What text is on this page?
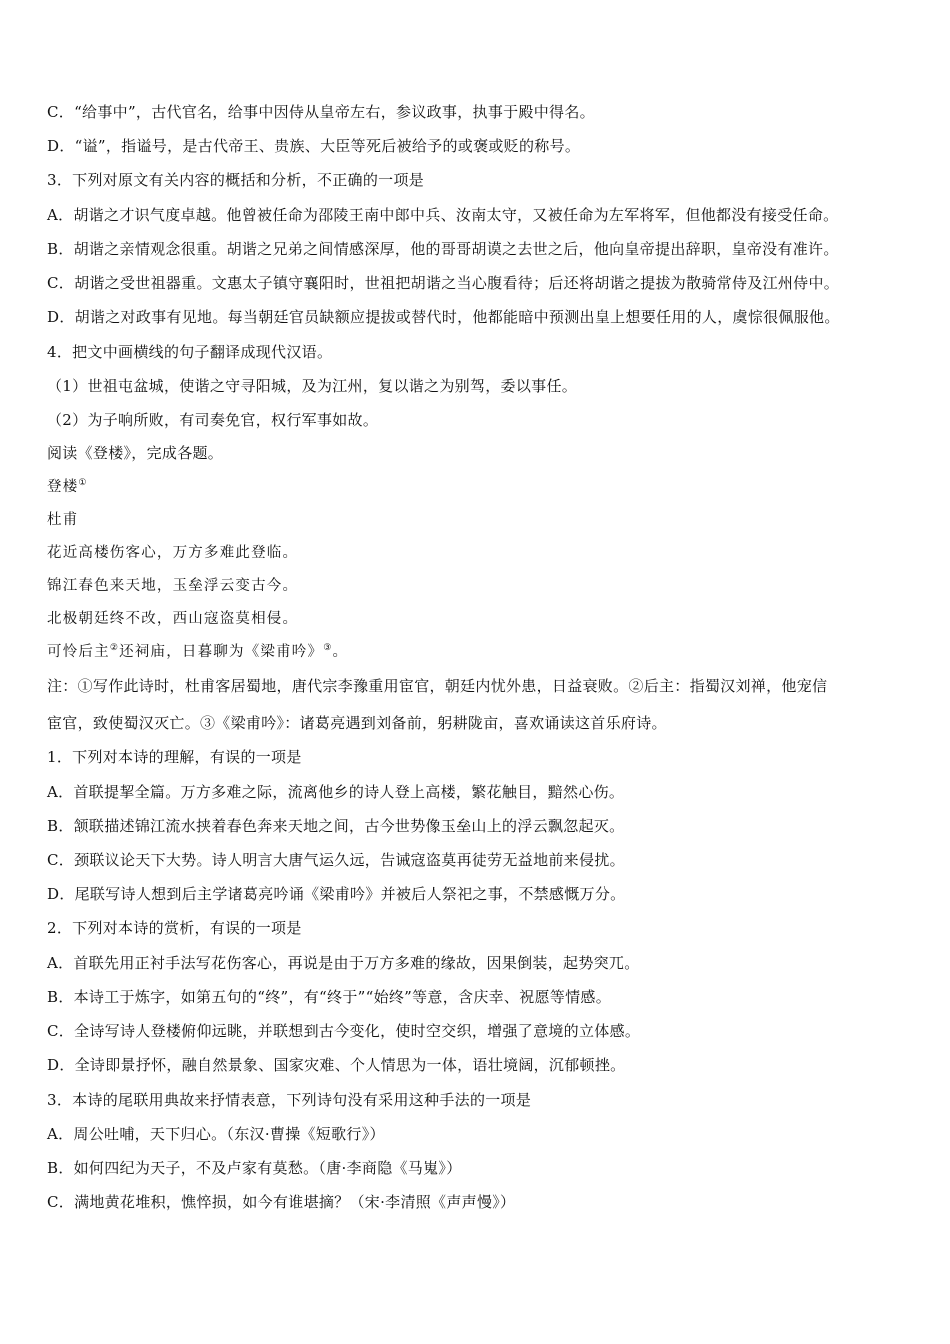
C．“给事中”，古代官名，给事中因侍从皇帝左右，参议政事，执事于殿中得名。
D．“谥”，指谥号，是古代帝王、贵族、大臣等死后被给予的或褒或贬的称号。
3．下列对原文有关内容的概括和分析，不正确的一项是
A．胡谐之才识气度卓越。他曾被任命为邵陵王南中郎中兵、汝南太守，又被任命为左军将军，但他都没有接受任命。
B．胡谐之亲情观念很重。胡谐之兄弟之间情感深厚，他的哥哥胡谟之去世之后，他向皇帝提出辞职，皇帝没有准许。
C．胡谐之受世祖器重。文惠太子镇守襄阳时，世祖把胡谐之当心腹看待；后还将胡谐之提拔为散骑常侍及江州侍中。
D．胡谐之对政事有见地。每当朝廷官员缺额应提拔或替代时，他都能暗中预测出皇上想要任用的人，虞悰很佩服他。
4．把文中画横线的句子翻译成现代汉语。
（1）世祖屯盆城，使谐之守寻阳城，及为江州，复以谐之为别驾，委以事任。
（2）为子响所败，有司奏免官，权行军事如故。
阅读《登楼》，完成各题。
登楼①
杜甫
花近高楼伤客心，万方多难此登临。
锦江春色来天地，玉垒浮云变古今。
北极朝廷终不改，西山寇盗莫相侵。
可怜后主②还祠庙，日暮聊为《梁甫吟》③。
注：①写作此诗时，杜甫客居蜀地，唐代宗李豫重用宦官，朝廷内忧外患，日益衰败。②后主：指蜀汉刘禅，他宠信
宦官，致使蜀汉灭亡。③《梁甫吟》：诸葛亮遇到刘备前，躬耕陇亩，喜欢诵读这首乐府诗。
1．下列对本诗的理解，有误的一项是
A．首联提挈全篇。万方多难之际，流离他乡的诗人登上高楼，繁花触目，黯然心伤。
B．颔联描述锦江流水挟着春色奔来天地之间，古今世势像玉垒山上的浮云飘忽起灭。
C．颈联议论天下大势。诗人明言大唐气运久远，告诫寇盗莫再徒劳无益地前来侵扰。
D．尾联写诗人想到后主学诸葛亮吟诵《梁甫吟》并被后人祭祀之事，不禁感慨万分。
2．下列对本诗的赏析，有误的一项是
A．首联先用正衬手法写花伤客心，再说是由于万方多难的缘故，因果倒装，起势突兀。
B．本诗工于炼字，如第五句的“终”，有“终于”“始终”等意，含庆幸、祝愿等情感。
C．全诗写诗人登楼俯仰远眺，并联想到古今变化，使时空交织，增强了意境的立体感。
D．全诗即景抒怀，融自然景象、国家灾难、个人情思为一体，语壮境阔，沉郁顿挫。
3．本诗的尾联用典故来抒情表意，下列诗句没有采用这种手法的一项是
A．周公吐哺，天下归心。（东汉·曹操《短歌行》）
B．如何四纪为天子，不及卢家有莫愁。（唐·李商隐《马嵬》）
C．满地黄花堆积，憔悴损，如今有谁堪摘？（宋·李清照《声声慢》）
